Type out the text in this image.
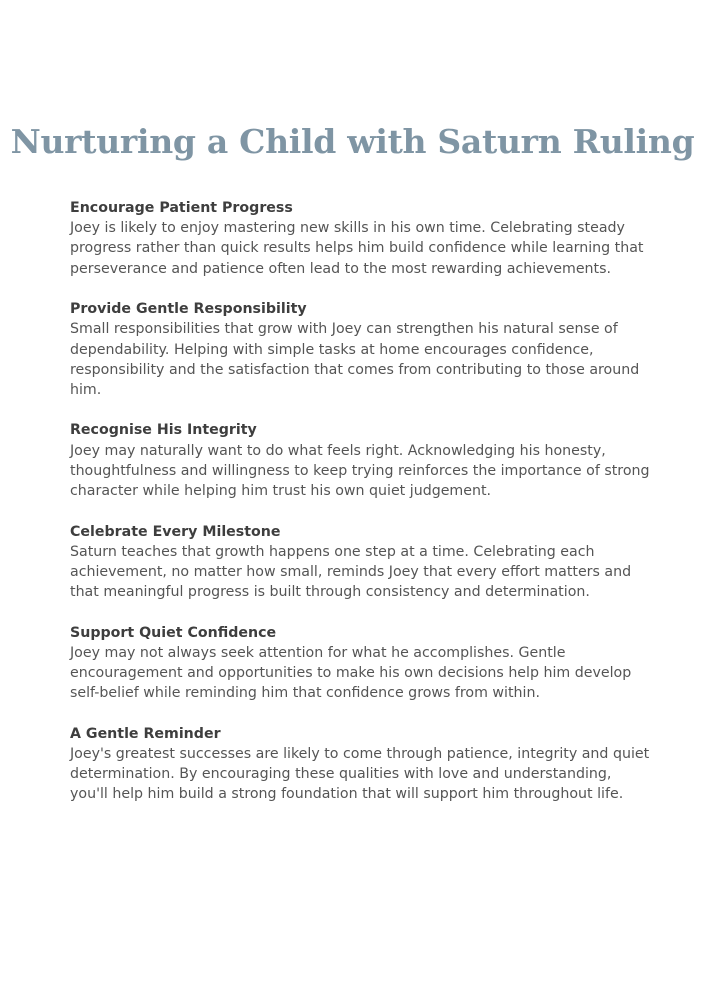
Nurturing a Child with Saturn Ruling

Encourage Patient Progress

Joey is likely to enjoy mastering new skills in his own time. Celebrating steady progress rather than quick results helps him build confidence while learning that perseverance and patience often lead to the most rewarding achievements.

Provide Gentle Responsibility

Small responsibilities that grow with Joey can strengthen his natural sense of dependability. Helping with simple tasks at home encourages confidence, responsibility and the satisfaction that comes from contributing to those around him.

Recognise His Integrity

Joey may naturally want to do what feels right. Acknowledging his honesty, thoughtfulness and willingness to keep trying reinforces the importance of strong character while helping him trust his own quiet judgement.

Celebrate Every Milestone

Saturn teaches that growth happens one step at a time. Celebrating each achievement, no matter how small, reminds Joey that every effort matters and that meaningful progress is built through consistency and determination.

Support Quiet Confidence

Joey may not always seek attention for what he accomplishes. Gentle encouragement and opportunities to make his own decisions help him develop self-belief while reminding him that confidence grows from within.

A Gentle Reminder

Joey's greatest successes are likely to come through patience, integrity and quiet determination. By encouraging these qualities with love and understanding, you'll help him build a strong foundation that will support him throughout life.
